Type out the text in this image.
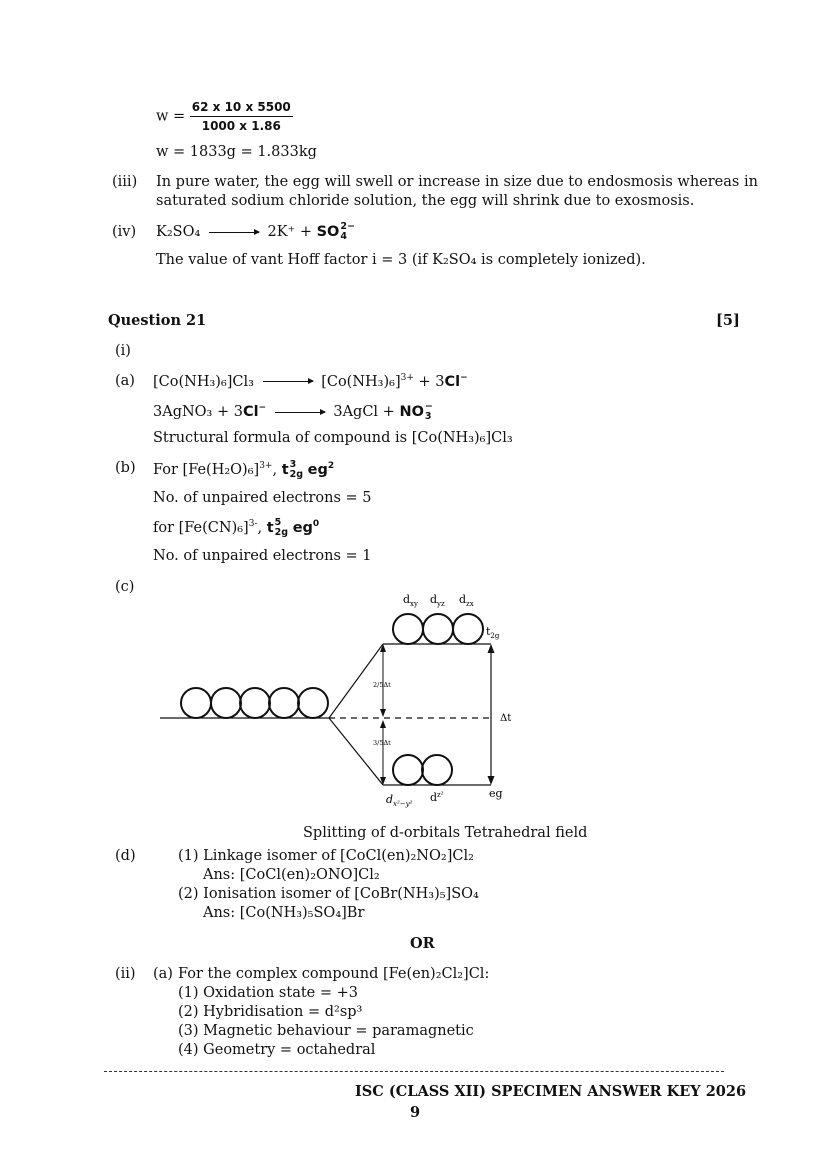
$w = \frac{62 x 10 x 5500}{1000 x 1.86}$
w = 1833g = 1.833kg
(iii) In pure water, the egg will swell or increase in size due to endosmosis whereas in
saturated sodium chloride solution, the egg will shrink due to exosmosis.
(iv) K₂SO₄ → 2K⁺ + SO 2−
4
The value of vant Hoff factor i = 3 (if K₂SO₄ is completely ionized).
Question 21	[5]
(i)
(a) $[Co(NH_3)_6]Cl_3 \to [Co(NH_3)_6]^{3+} + 3Cl^-$
3AgNO₃ + 3Cl− → 3AgCl + NO −
3
Structural formula of compound is [Co(NH₃)₆]Cl₃
(b) For $[Fe(H_2O)_6]^{3+}$, t 3
2g $eg^2$
No. of unpaired electrons = 5
for $[Fe(CN)_6]^{3-}$, t 5
2g $eg^0$
No. of unpaired electrons = 1
(c)
$d_{xy}$ $d_{yz}$ $d_{zx}$
$t_{2g}$
2/5Δt
3/5Δt
Δt
$d_{x^2-y^2}$ $d^{z^2}$	eg
Splitting of d-orbitals Tetrahedral field
(d)	(1) Linkage isomer of [CoCl(en)₂NO₂]Cl₂
Ans: [CoCl(en)₂ONO]Cl₂
(2) Ionisation isomer of [CoBr(NH₃)₅]SO₄
Ans: [Co(NH₃)₅SO₄]Br
OR
(ii) (a) For the complex compound [Fe(en)₂Cl₂]Cl:
(1) Oxidation state = +3
(2) Hybridisation = d²sp³
(3) Magnetic behaviour = paramagnetic
(4) Geometry = octahedral
ISC (CLASS XII) SPECIMEN ANSWER KEY 2026
9
